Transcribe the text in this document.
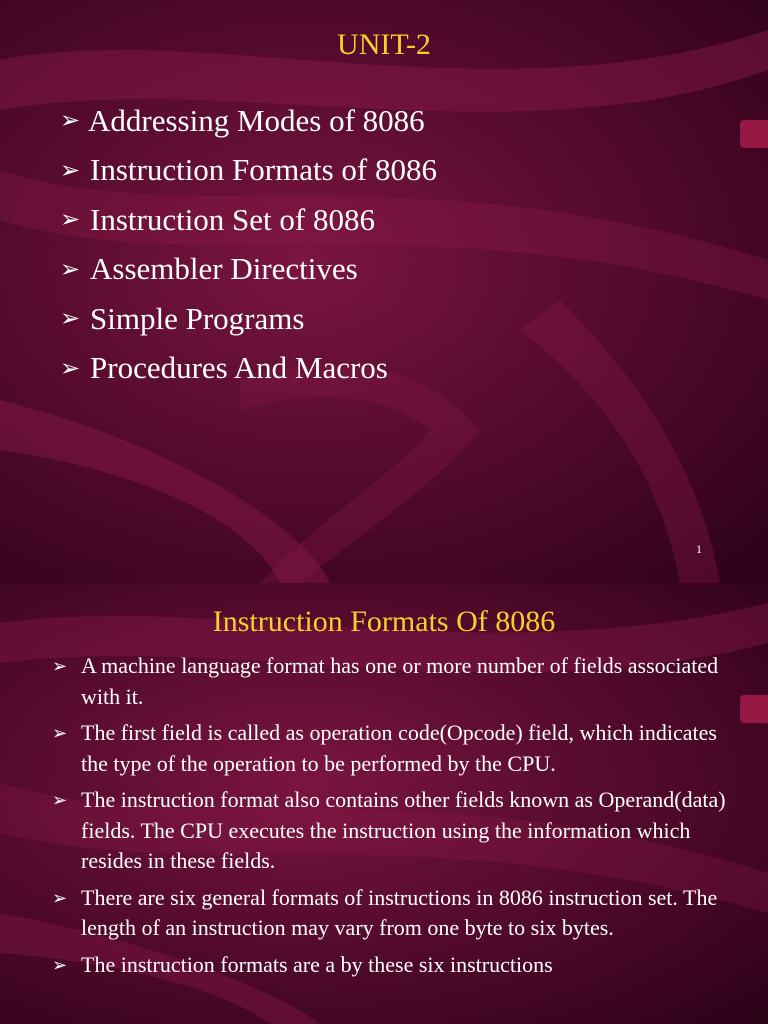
UNIT-2
➢ Addressing Modes of 8086
➢ Instruction Formats of 8086
➢ Instruction Set of 8086
➢ Assembler Directives
➢ Simple Programs
➢ Procedures And Macros
1
Instruction Formats Of 8086
➢ A machine language format has one or more number of fields associated with it.
➢ The first field is called as operation code(Opcode) field, which indicates the type of the operation to be performed by the CPU.
➢ The instruction format also contains other fields known as Operand(data) fields. The CPU executes the instruction using the information which resides in these fields.
➢ There are six general formats of instructions in 8086 instruction set. The length of an instruction may vary from one byte to six bytes.
➢ The instruction formats are a by these six instructions
